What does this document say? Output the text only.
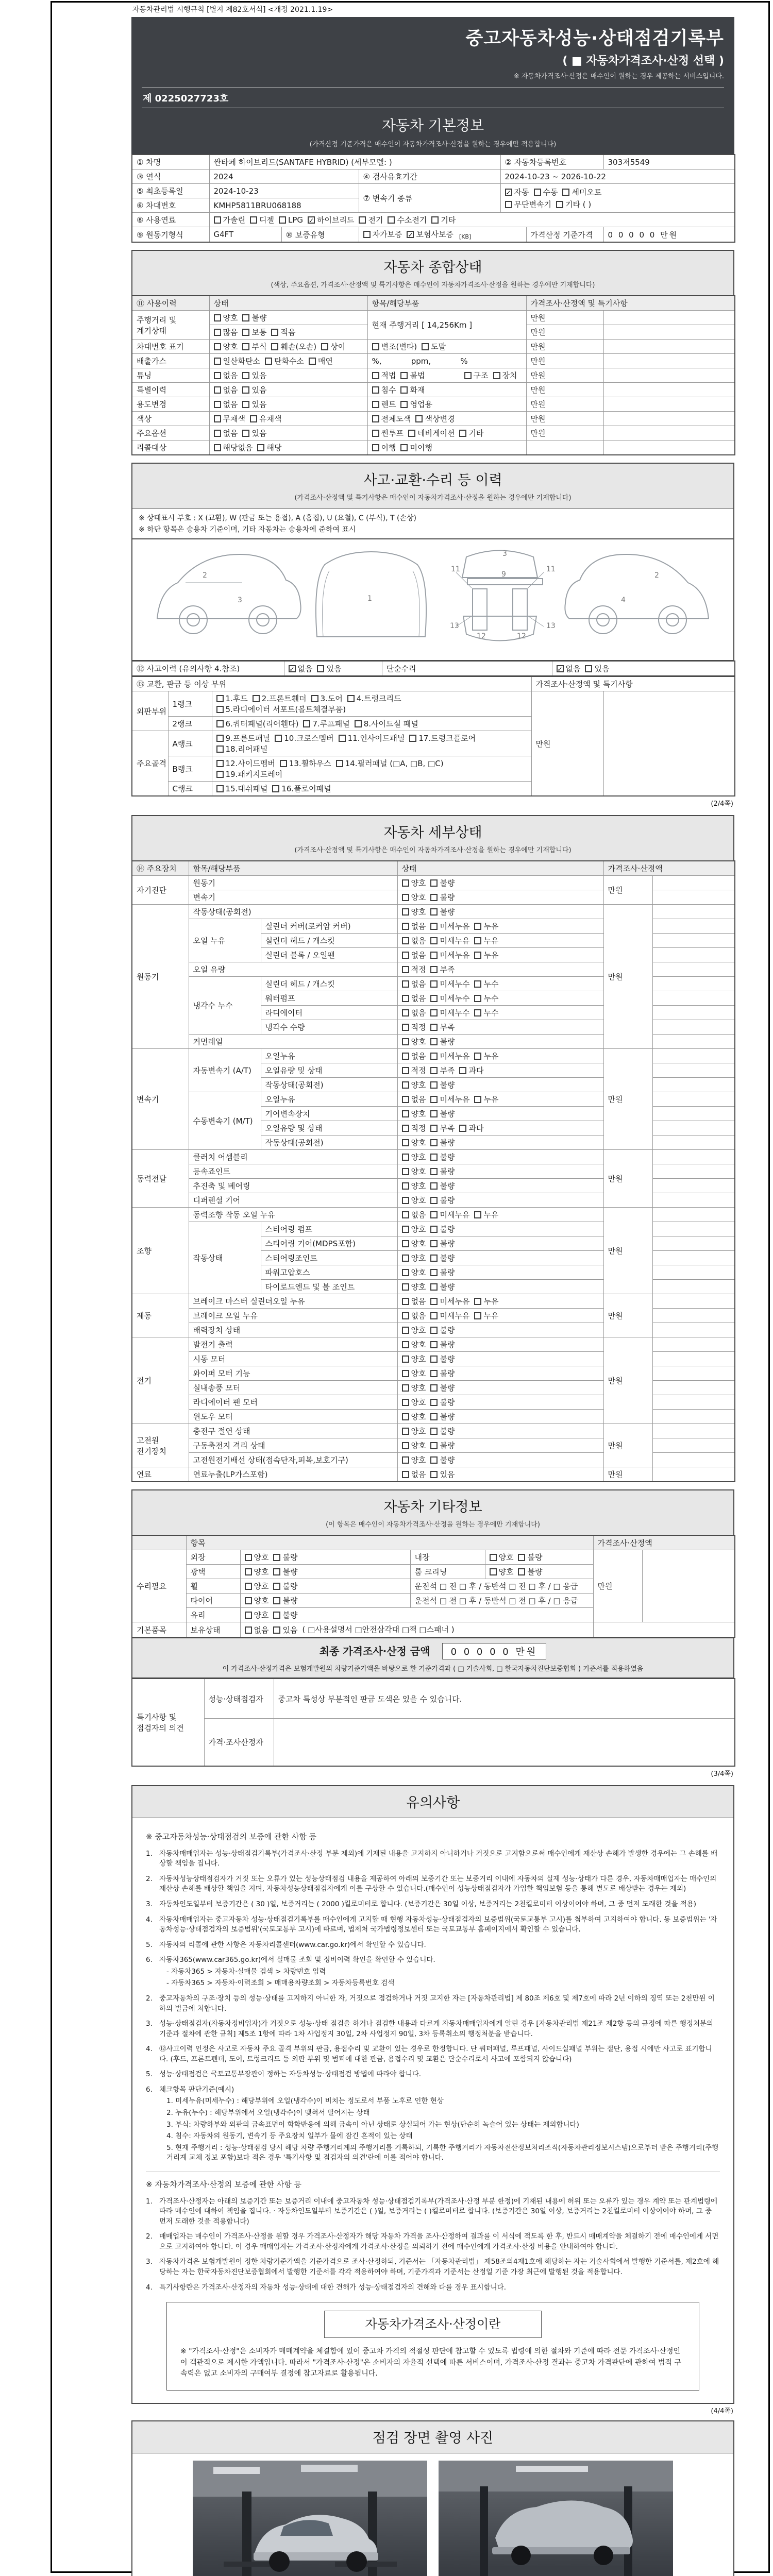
자동차관리법 시행규칙 [별지 제82호서식] <개정 2021.1.19>
중고자동차성능·상태점검기록부
( ■ 자동차가격조사·산정 선택 )
※ 자동차가격조사·산정은 매수인이 원하는 경우 제공하는 서비스입니다.
제 0225027723호
자동차 기본정보
(가격산정 기준가격은 매수인이 자동차가격조사·산정을 원하는 경우에만 적용합니다)
① 차명	싼타페 하이브리드(SANTAFE HYBRID) (세부모델: )			② 자동차등록번호		303저5549
③ 연식	2024		④ 검사유효기간	2024-10-23 ~ 2026-10-22		
⑤ 최초등록일	2024-10-23	⑦ 변속기 종류	
✓ 자동 수동 세미오토
무단변속기 기타 ( )

⑥ 차대번호	KMHP5811BRU068188					
⑧ 사용연료	가솔린 디젤 LPG ✓ 하이브리드 전기 수소전기 기타

⑨ 원동기형식	G4FT	⑩ 보증유형	자가보증 ✓ 보험사보증 $_{[KB]}$		가격산정 기준가격	0 0 0 0 0 만원
자동차 종합상태
(색상, 주요옵션, 가격조사·산정액 및 특기사항은 매수인이 자동차가격조사·산정을 원하는 경우에만 기재합니다)
⑪ 사용이력	상태	항목/해당부품	가격조사·산정액 및 특기사항	
주행거리 및 계기상태	양호 불량	현재 주행거리 [ 14,256Km ]	만원	

	많음 보통 적음		만원	
차대번호 표기	양호 부식 훼손(오손) 상이	변조(변타) 도말	만원	
배출가스	일산화탄소 탄화수소 매연	%,            ppm,            %	만원	
튜닝	없음 있음	적법 불법 구조 장치	만원	
특별이력	없음 있음	침수 화재	만원	
용도변경	없음 있음	렌트 영업용	만원	
색상	무채색 유채색	전체도색 색상변경	만원	
주요옵션	없음 있음	썬루프 네비게이션 기타	만원	
리콜대상	해당없음 해당	이행 미이행		

사고·교환·수리 등 이력
(가격조사·산정액 및 특기사항은 매수인이 자동차가격조사·산정을 원하는 경우에만 기재합니다)
※ 상태표시 부호 : X (교환), W (판금 또는 용접), A (흠집), U (요철), C (부식), T (손상)
※ 하단 항목은 승용차 기준이며, 기타 자동차는 승용차에 준하여 표시
2
3	1
11	11
3
9
13	13
12	12
2
4
⑫ 사고이력 (유의사항 4.참조)	✓ 없음 있음	단순수리	✓ 없음 있음
⑬ 교환, 판금 등 이상 부위			가격조사·산정액 및 특기사항	
외판부위	1랭크	1.후드 2.프론트휀더 3.도어 4.트렁크리드
5.라디에이터 서포트(볼트체결부품)	만원	
	2랭크	6.쿼터패널(리어휀다) 7.루프패널 8.사이드실 패널		

주요골격	A랭크	9.프론트패널 10.크로스멤버 11.인사이드패널 17.트렁크플로어
18.리어패널		

	B랭크	12.사이드멤버 13.휠하우스 14.필러패널 (□A, □B, □C)
19.패키지트레이		

	C랭크	15.대쉬패널 16.플로어패널		
(2/4쪽)
자동차 세부상태
(가격조사·산정액 및 특기사항은 매수인이 자동차가격조사·산정을 원하는 경우에만 기재합니다)
⑭ 주요장치	항목/해당부품		상태	가격조사·산정액	
자기진단	원동기		양호 불량	만원	
	변속기		양호 불량		

원동기	작동상태(공회전)		양호 불량	만원	
	오일 누유	실린더 커버(로커암 커버)	없음 미세누유 누유		

		실린더 헤드 / 개스킷	없음 미세누유 누유		

		실린더 블록 / 오일팬	없음 미세누유 누유		

	오일 유량		적정 부족		

	냉각수 누수	실린더 헤드 / 개스킷	없음 미세누수 누수		

		워터펌프	없음 미세누수 누수		

		라디에이터	없음 미세누수 누수		

		냉각수 수량	적정 부족		

	커먼레일		양호 불량		

변속기	자동변속기 (A/T)	오일누유	없음 미세누유 누유	만원	
		오일유량 및 상태	적정 부족 과다		

		작동상태(공회전)	양호 불량		

	수동변속기 (M/T)	오일누유	없음 미세누유 누유		

		기어변속장치	양호 불량		

		오일유량 및 상태	적정 부족 과다		

		작동상태(공회전)	양호 불량		

동력전달	클러치 어셈블리		양호 불량	만원	
	등속죠인트		양호 불량		

	추진축 및 베어링		양호 불량		

	디퍼렌셜 기어		양호 불량		

조향	동력조향 작동 오일 누유		없음 미세누유 누유	만원	
	작동상태	스티어링 펌프	양호 불량		

		스티어링 기어(MDPS포함)	양호 불량		

		스티어링조인트	양호 불량		

		파워고압호스	양호 불량		

		타이로드엔드 및 볼 조인트	양호 불량		

제동	브레이크 마스터 실린더오일 누유		없음 미세누유 누유	만원	
	브레이크 오일 누유		없음 미세누유 누유		

	배력장치 상태		양호 불량		

전기	발전기 출력		양호 불량	만원	
	시동 모터		양호 불량		

	와이퍼 모터 기능		양호 불량		

	실내송풍 모터		양호 불량		

	라디에이터 팬 모터		양호 불량		

	윈도우 모터		양호 불량		

고전원 전기장치	충전구 절연 상태		양호 불량	만원	
	구동축전지 격리 상태		양호 불량		

	고전원전기배선 상태(접속단자,피복,보호기구)		양호 불량		

연료	연료누출(LP가스포함)		없음 있음	만원	
자동차 기타정보
(이 항목은 매수인이 자동차가격조사·산정을 원하는 경우에만 기재합니다)
	항목				가격조사·산정액	
수리필요	외장	양호 불량	내장	양호 불량	만원	
	광택	양호 불량	룸 크리닝	양호 불량		

	휠	양호 불량	운전석 □ 전 □ 후 / 동반석 □ 전 □ 후 / □ 응급			
	타이어	양호 불량	운전석 □ 전 □ 후 / 동반석 □ 전 □ 후 / □ 응급			
	유리	양호 불량				

기본품목	보유상태	없음 있음 ( □사용설명서 □안전삼각대 □잭 □스패너 )				
최종 가격조사·산정 금액 0 0 0 0 0 만원
이 가격조사·산정가격은 보험개발원의 차량기준가액을 바탕으로 한 기준가격과 ( □ 기술사회, □ 한국자동차진단보증협회 ) 기준서를 적용하였음
특기사항 및 점검자의 의견	성능·상태점검자	중고차 특성상 부분적인 판금 도색은 있을 수 있습니다.
	가격·조사산정자	
(3/4쪽)
유의사항
※ 중고자동차성능·상태점검의 보증에 관한 사항 등
1. 자동차매매업자는 성능·상태점검기록부(가격조사·산정 부분 제외)에 기재된 내용을 고지하지 아니하거나 거짓으로 고지함으로써 매수인에게 재산상 손해가 발생한 경우에는 그 손해를 배상할 책임을 집니다.
2. 자동차성능상태점검자가 거짓 또는 오류가 있는 성능상태점검 내용을 제공하여 아래의 보증기간 또는 보증거리 이내에 자동차의 실제 성능·상태가 다른 경우, 자동차매매업자는 매수인의 재산상 손해를 배상할 책임을 지며, 자동차성능상태점검자에게 이를 구상할 수 있습니다.(매수인이 성능상태점검자가 가입한 책임보험 등을 통해 별도로 배상받는 경우는 제외)
3. 자동차인도일부터 보증기간은 ( 30 )일, 보증거리는 ( 2000 )킬로미터로 합니다. (보증기간은 30일 이상, 보증거리는 2천킬로미터 이상이어야 하며, 그 중 먼저 도래한 것을 적용)
4. 자동차매매업자는 중고자동차 성능·상태점검기록부를 매수인에게 고지할 때 현행 자동차성능·상태점검자의 보증범위(국토교통부 고시)를 첨부하여 고지하여야 합니다. 동 보증범위는 '자동차성능·상태점검자의 보증범위'(국토교통부 고시)에 따르며, 법제처 국가법령정보센터 또는 국토교통부 홈페이지에서 확인할 수 있습니다.
5. 자동차의 리콜에 관한 사항은 자동차리콜센터(www.car.go.kr)에서 확인할 수 있습니다.
6. 자동차365(www.car365.go.kr)에서 실매물 조회 및 정비이력 확인을 확인할 수 있습니다.
- 자동차365 > 자동차·실매물 검색 > 차량번호 입력
- 자동차365 > 자동차·이력조회 > 매매용차량조회 > 자동차등록번호 검색
2. 중고자동차의 구조·장치 등의 성능·상태를 고지하지 아니한 자, 거짓으로 점검하거나 거짓 고지한 자는 [자동차관리법] 제 80조 제6호 및 제7호에 따라 2년 이하의 징역 또는 2천만원 이하의 벌금에 처합니다.
3. 성능·상태점검자(자동차정비업자)가 거짓으로 성능·상태 점검을 하거나 점검한 내용과 다르게 자동차매매업자에게 알린 경우 [자동차관리법 제21조 제2항 등의 규정에 따른 행정처분의 기준과 절차에 관한 규칙] 제5조 1항에 따라 1차 사업정지 30일, 2차 사업정지 90일, 3차 등록취소의 행정처분을 받습니다.
4. ⑫사고이력 인정은 사고로 자동차 주요 골격 부위의 판금, 용접수리 및 교환이 있는 경우로 한정합니다. 단 쿼터패널, 루프패널, 사이드실패널 부위는 절단, 용접 시에만 사고로 표기합니다. (후드, 프론트펜더, 도어, 트렁크리드 등 외판 부위 및 범퍼에 대한 판금, 용접수리 및 교환은 단순수리로서 사고에 포함되지 않습니다)
5. 성능·상태점검은 국토교통부장관이 정하는 자동차성능·상태점검 방법에 따라야 합니다.
6. 체크항목 판단기준(예시)
1. 미세누유(미세누수) : 해당부위에 오일(냉각수)이 비치는 정도로서 부품 노후로 인한 현상
2. 누유(누수) : 해당부위에서 오일(냉각수)이 맺혀서 떨어지는 상태
3. 부식: 차량하부와 외판의 금속표면이 화학반응에 의해 금속이 아닌 상태로 상실되어 가는 현상(단순히 녹슬어 있는 상태는 제외합니다)
4. 침수: 자동차의 원동기, 변속기 등 주요장치 일부가 물에 잠긴 흔적이 있는 상태
5. 현재 주행거리 : 성능·상태점검 당시 해당 차량 주행거리계의 주행거리를 기록하되, 기록한 주행거리가 자동차전산정보처리조직(자동차관리정보시스템)으로부터 받은 주행거리(주행거리계 교체 정보 포함)보다 적은 경우 '특기사항 및 점검자의 의견'란에 이를 적어야 합니다.
※ 자동차가격조사·산정의 보증에 관한 사항 등
1. 가격조사·산정자는 아래의 보증기간 또는 보증거리 이내에 중고자동차 성능·상태점검기록부(가격조사·산정 부분 한정)에 기재된 내용에 허위 또는 오류가 있는 경우 계약 또는 관계법령에 따라 매수인에 대하여 책임을 집니다. · 자동차인도일부터 보증기간은 ( )일, 보증거리는 ( )킬로미터로 합니다. (보증기간은 30일 이상, 보증거리는 2천킬로미터 이상이어야 하며, 그 중 먼저 도래한 것을 적용합니다)
2. 매매업자는 매수인이 가격조사·산정을 원할 경우 가격조사·산정자가 해당 자동차 가격을 조사·산정하여 결과를 이 서식에 적도록 한 후, 반드시 매매계약을 체결하기 전에 매수인에게 서면으로 고지하여야 합니다. 이 경우 매매업자는 가격조사·산정자에게 가격조사·산정을 의뢰하기 전에 매수인에게 가격조사·산정 비용을 안내하여야 합니다.
3. 자동차가격은 보험개발원이 정한 차량기준가액을 기준가격으로 조사·산정하되, 기준서는 「자동차관리법」 제58조의4제1호에 해당하는 자는 기술사회에서 발행한 기준서를, 제2호에 해당하는 자는 한국자동차진단보증협회에서 발행한 기준서를 각각 적용하여야 하며, 기준가격과 기준서는 산정일 기준 가장 최근에 발행된 것을 적용합니다.
4. 특기사항란은 가격조사·산정자의 자동차 성능·상태에 대한 견해가 성능·상태점검자의 견해와 다를 경우 표시합니다.
자동차가격조사·산정이란
※ "가격조사·산정"은 소비자가 매매계약을 체결함에 있어 중고차 가격의 적절성 판단에 참고할 수 있도록 법령에 의한 절차와 기준에 따라 전문 가격조사·산정인이 객관적으로 제시한 가액입니다. 따라서 "가격조사·산정"은 소비자의 자율적 선택에 따른 서비스이며, 가격조사·산정 결과는 중고차 가격판단에 관하여 법적 구속력은 없고 소비자의 구매여부 결정에 참고자료로 활용됩니다.
(4/4쪽)
점검 장면 촬영 사진
